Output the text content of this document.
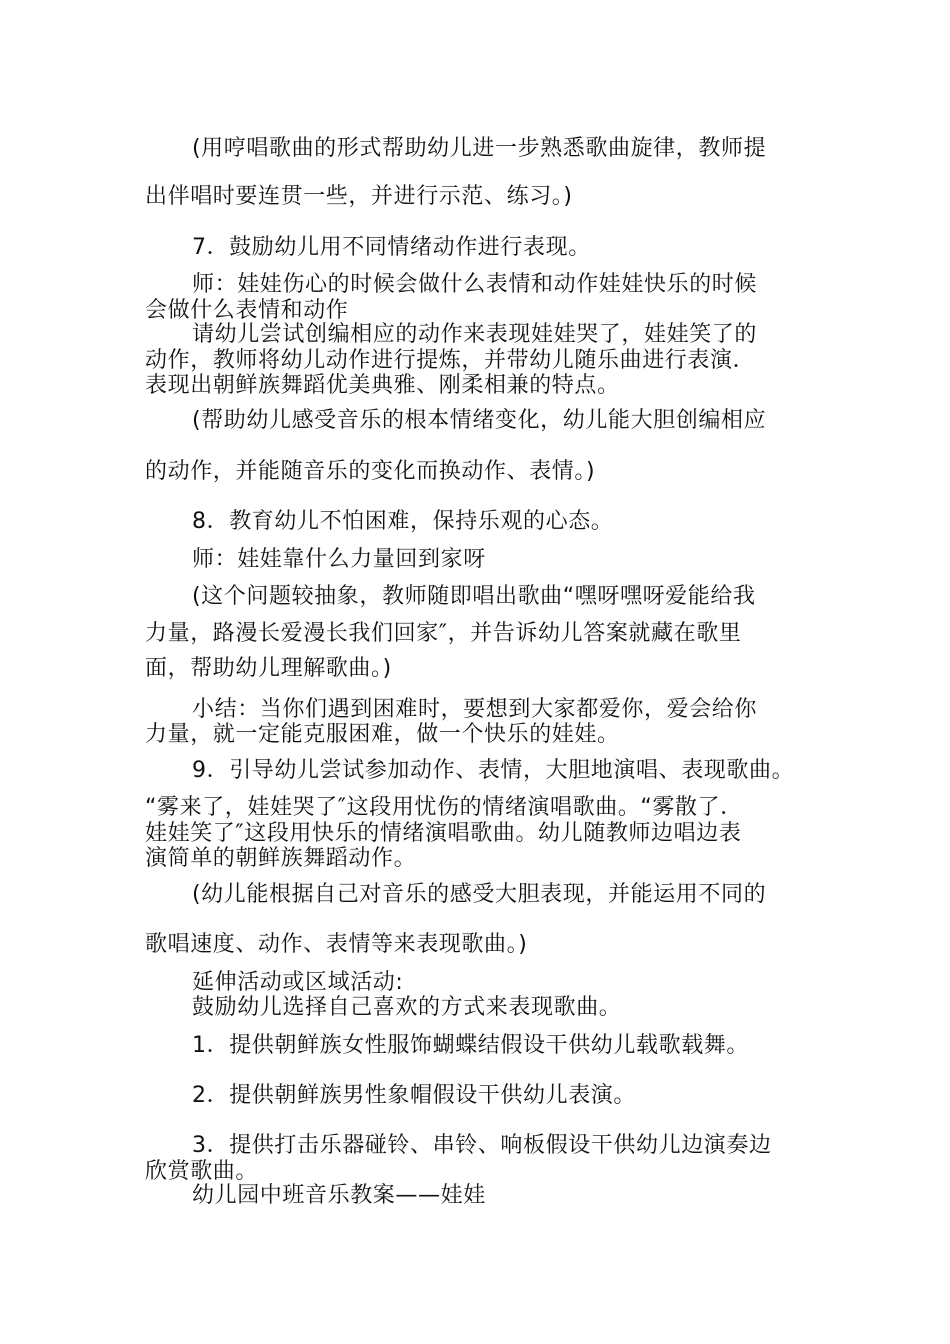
(用哼唱歌曲的形式帮助幼儿进一步熟悉歌曲旋律，教师提

出伴唱时要连贯一些，并进行示范、练习。)

7．鼓励幼儿用不同情绪动作进行表现。

师：娃娃伤心的时候会做什么表情和动作娃娃快乐的时候

会做什么表情和动作

请幼儿尝试创编相应的动作来表现娃娃哭了，娃娃笑了的

动作，教师将幼儿动作进行提炼，并带幼儿随乐曲进行表演．

表现出朝鲜族舞蹈优美典雅、刚柔相兼的特点。

(帮助幼儿感受音乐的根本情绪变化，幼儿能大胆创编相应

的动作，并能随音乐的变化而换动作、表情。)

8．教育幼儿不怕困难，保持乐观的心态。

师：娃娃靠什么力量回到家呀

(这个问题较抽象，教师随即唱出歌曲“嘿呀嘿呀爱能给我

力量，路漫长爱漫长我们回家″，并告诉幼儿答案就藏在歌里

面，帮助幼儿理解歌曲。)

小结：当你们遇到困难时，要想到大家都爱你，爱会给你

力量，就一定能克服困难，做一个快乐的娃娃。

9．引导幼儿尝试参加动作、表情，大胆地演唱、表现歌曲。

“雾来了，娃娃哭了″这段用忧伤的情绪演唱歌曲。“雾散了．

娃娃笑了″这段用快乐的情绪演唱歌曲。幼儿随教师边唱边表

演简单的朝鲜族舞蹈动作。

(幼儿能根据自己对音乐的感受大胆表现，并能运用不同的

歌唱速度、动作、表情等来表现歌曲。)

延伸活动或区域活动:

鼓励幼儿选择自己喜欢的方式来表现歌曲。

1．提供朝鲜族女性服饰蝴蝶结假设干供幼儿载歌载舞。

2．提供朝鲜族男性象帽假设干供幼儿表演。

3．提供打击乐器碰铃、串铃、响板假设干供幼儿边演奏边

欣赏歌曲。

幼儿园中班音乐教案——娃娃
